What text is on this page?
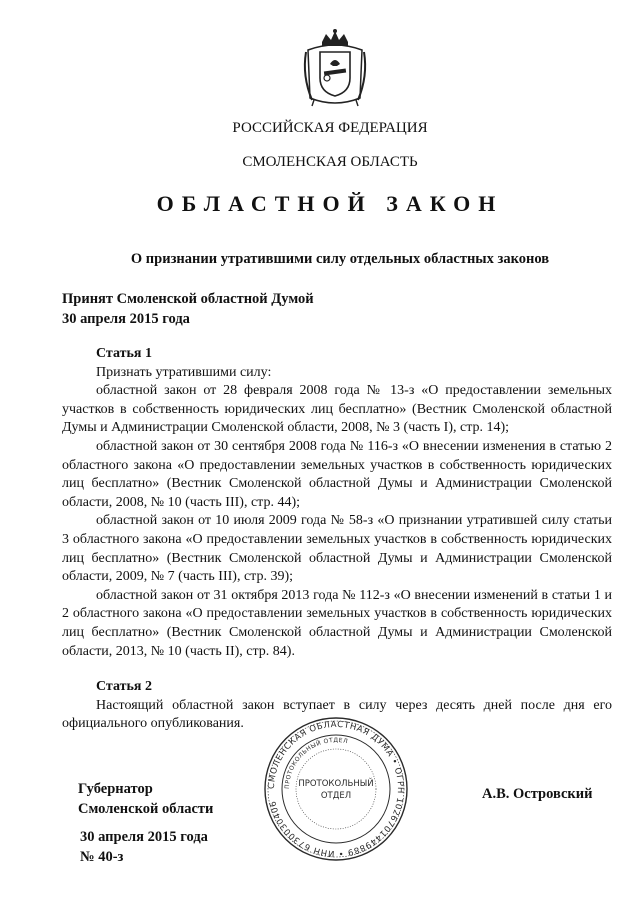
РОССИЙСКАЯ ФЕДЕРАЦИЯ
СМОЛЕНСКАЯ ОБЛАСТЬ
ОБЛАСТНОЙ ЗАКОН
О признании утратившими силу отдельных областных законов
Принят Смоленской областной Думой
30 апреля 2015 года
Статья 1

Признать утратившими силу:

областной закон от 28 февраля 2008 года № 13-з «О предоставлении земельных участков в собственность юридических лиц бесплатно» (Вестник Смоленской областной Думы и Администрации Смоленской области, 2008, № 3 (часть I), стр. 14);

областной закон от 30 сентября 2008 года № 116-з «О внесении изменения в статью 2 областного закона «О предоставлении земельных участков в собственность юридических лиц бесплатно» (Вестник Смоленской областной Думы и Администрации Смоленской области, 2008, № 10 (часть III), стр. 44);

областной закон от 10 июля 2009 года № 58-з «О признании утратившей силу статьи 3 областного закона «О предоставлении земельных участков в собственность юридических лиц бесплатно» (Вестник Смоленской областной Думы и Администрации Смоленской области, 2009, № 7 (часть III), стр. 39);

областной закон от 31 октября 2013 года № 112-з «О внесении изменений в статьи 1 и 2 областного закона «О предоставлении земельных участков в собственность юридических лиц бесплатно» (Вестник Смоленской областной Думы и Администрации Смоленской области, 2013, № 10 (часть II), стр. 84).

Статья 2

Настоящий областной закон вступает в силу через десять дней после дня его официального опубликования.

Губернатор
Смоленской области
СМОЛЕНСКАЯ ОБЛАСТНАЯ ДУМА • ОГРН 1026701449889 • ИНН 6730030406
ПРОТОКОЛЬНЫЙ ОТДЕЛ
ПРОТОКОЛЬНЫЙ
ОТДЕЛ	А.В. Островский
30 апреля 2015 года
№ 40-з
